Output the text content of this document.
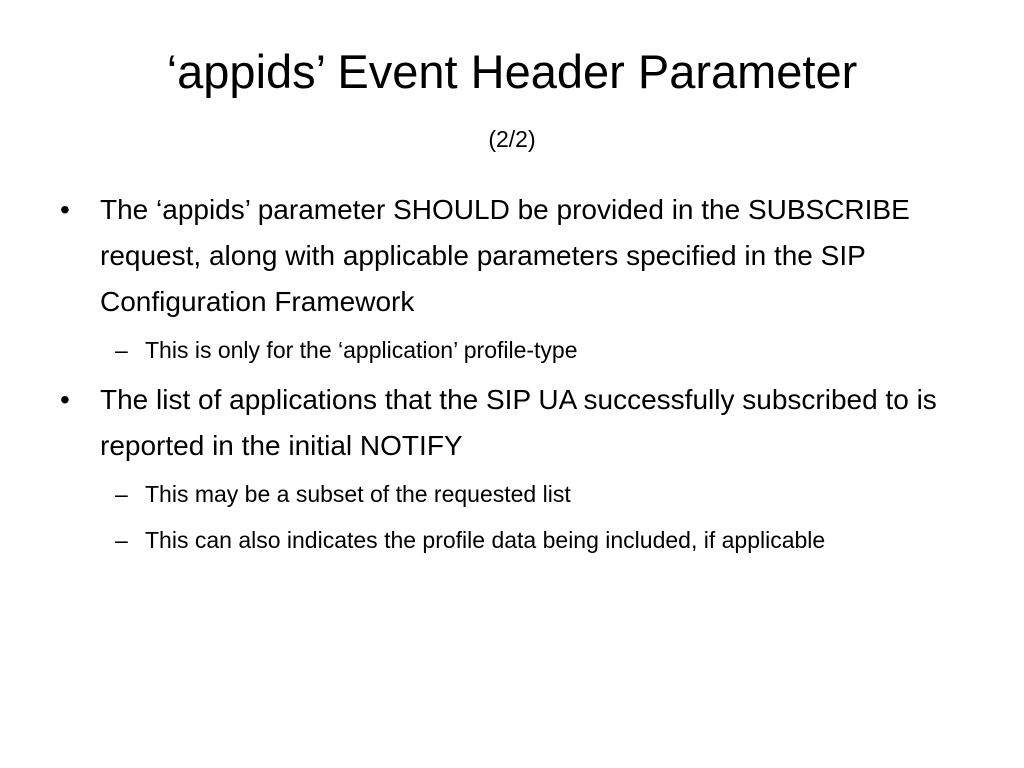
‘appids’ Event Header Parameter
(2/2)
•	The ‘appids’ parameter SHOULD be provided in the SUBSCRIBE request, along with applicable parameters specified in the SIP Configuration Framework
– This is only for the ‘application’ profile-type
•	The list of applications that the SIP UA successfully subscribed to is reported in the initial NOTIFY
– This may be a subset of the requested list
– This can also indicates the profile data being included, if applicable
